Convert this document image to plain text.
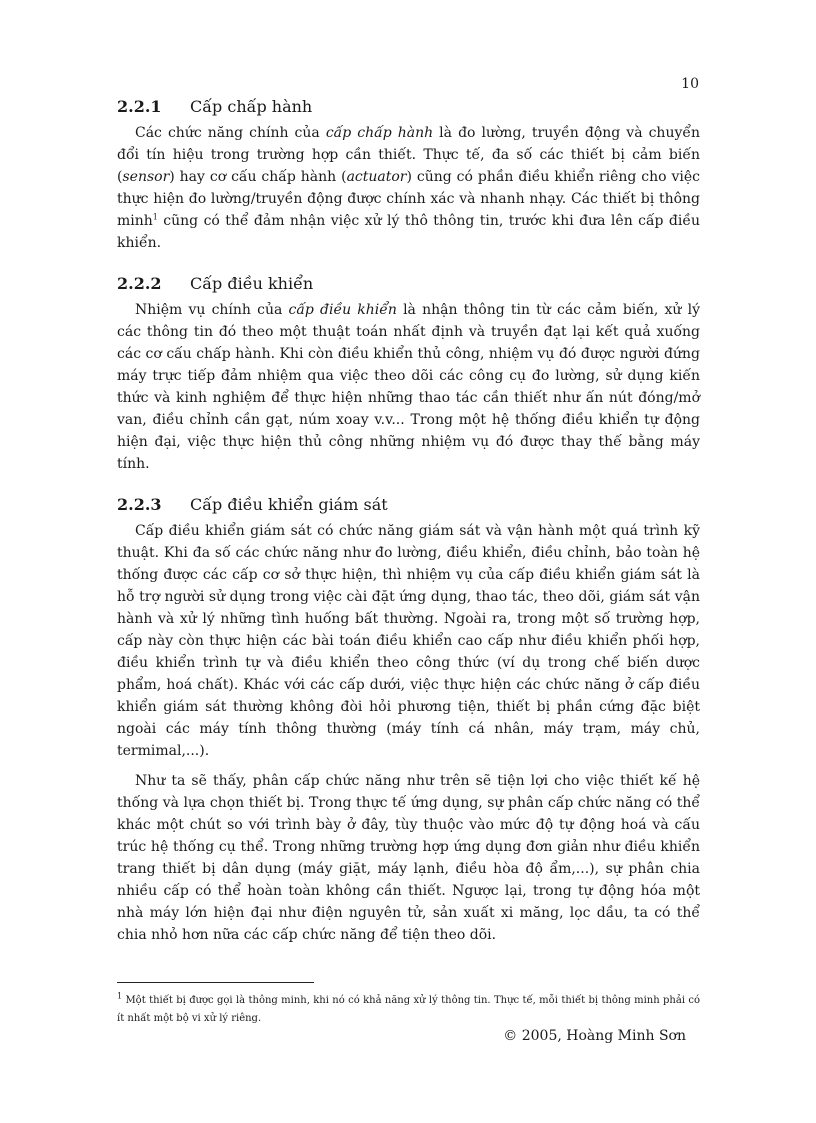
10
2.2.1	Cấp chấp hành

Các chức năng chính của cấp chấp hành là đo lường, truyền động và chuyển đổi tín hiệu trong trường hợp cần thiết. Thực tế, đa số các thiết bị cảm biến (sensor) hay cơ cấu chấp hành (actuator) cũng có phần điều khiển riêng cho việc thực hiện đo lường/truyền động được chính xác và nhanh nhạy. Các thiết bị thông minh$^1$ cũng có thể đảm nhận việc xử lý thô thông tin, trước khi đưa lên cấp điều khiển.

2.2.2	Cấp điều khiển

Nhiệm vụ chính của cấp điều khiển là nhận thông tin từ các cảm biến, xử lý các thông tin đó theo một thuật toán nhất định và truyền đạt lại kết quả xuống các cơ cấu chấp hành. Khi còn điều khiển thủ công, nhiệm vụ đó được người đứng máy trực tiếp đảm nhiệm qua việc theo dõi các công cụ đo lường, sử dụng kiến thức và kinh nghiệm để thực hiện những thao tác cần thiết như ấn nút đóng/mở van, điều chỉnh cần gạt, núm xoay v.v... Trong một hệ thống điều khiển tự động hiện đại, việc thực hiện thủ công những nhiệm vụ đó được thay thế bằng máy tính.

2.2.3	Cấp điều khiển giám sát

Cấp điều khiển giám sát có chức năng giám sát và vận hành một quá trình kỹ thuật. Khi đa số các chức năng như đo lường, điều khiển, điều chỉnh, bảo toàn hệ thống được các cấp cơ sở thực hiện, thì nhiệm vụ của cấp điều khiển giám sát là hỗ trợ người sử dụng trong việc cài đặt ứng dụng, thao tác, theo dõi, giám sát vận hành và xử lý những tình huống bất thường. Ngoài ra, trong một số trường hợp, cấp này còn thực hiện các bài toán điều khiển cao cấp như điều khiển phối hợp, điều khiển trình tự và điều khiển theo công thức (ví dụ trong chế biến dược phẩm, hoá chất). Khác với các cấp dưới, việc thực hiện các chức năng ở cấp điều khiển giám sát thường không đòi hỏi phương tiện, thiết bị phần cứng đặc biệt ngoài các máy tính thông thường (máy tính cá nhân, máy trạm, máy chủ, termimal,...).

Như ta sẽ thấy, phân cấp chức năng như trên sẽ tiện lợi cho việc thiết kế hệ thống và lựa chọn thiết bị. Trong thực tế ứng dụng, sự phân cấp chức năng có thể khác một chút so với trình bày ở đây, tùy thuộc vào mức độ tự động hoá và cấu trúc hệ thống cụ thể. Trong những trường hợp ứng dụng đơn giản như điều khiển trang thiết bị dân dụng (máy giặt, máy lạnh, điều hòa độ ẩm,...), sự phân chia nhiều cấp có thể hoàn toàn không cần thiết. Ngược lại, trong tự động hóa một nhà máy lớn hiện đại như điện nguyên tử, sản xuất xi măng, lọc dầu, ta có thể chia nhỏ hơn nữa các cấp chức năng để tiện theo dõi.

$^1$ Một thiết bị được gọi là thông minh, khi nó có khả năng xử lý thông tin. Thực tế, mỗi thiết bị thông minh phải có ít nhất một bộ vi xử lý riêng.
© 2005, Hoàng Minh Sơn
